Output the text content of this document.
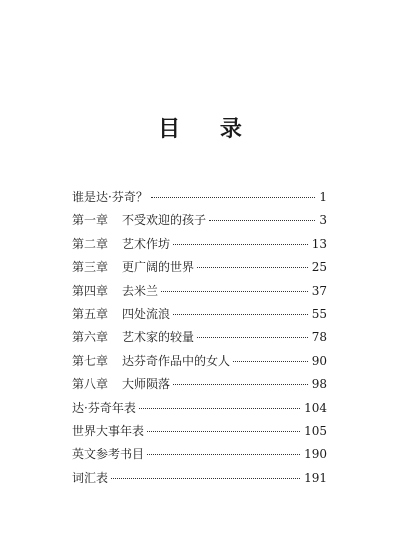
目 录
谁是达·芬奇？	1
第一章 不受欢迎的孩子	3
第二章 艺术作坊	13
第三章 更广阔的世界	25
第四章 去米兰	37
第五章 四处流浪	55
第六章 艺术家的较量	78
第七章 达芬奇作品中的女人	90
第八章 大师陨落	98
达·芬奇年表	104
世界大事年表	105
英文参考书目	190
词汇表	191
